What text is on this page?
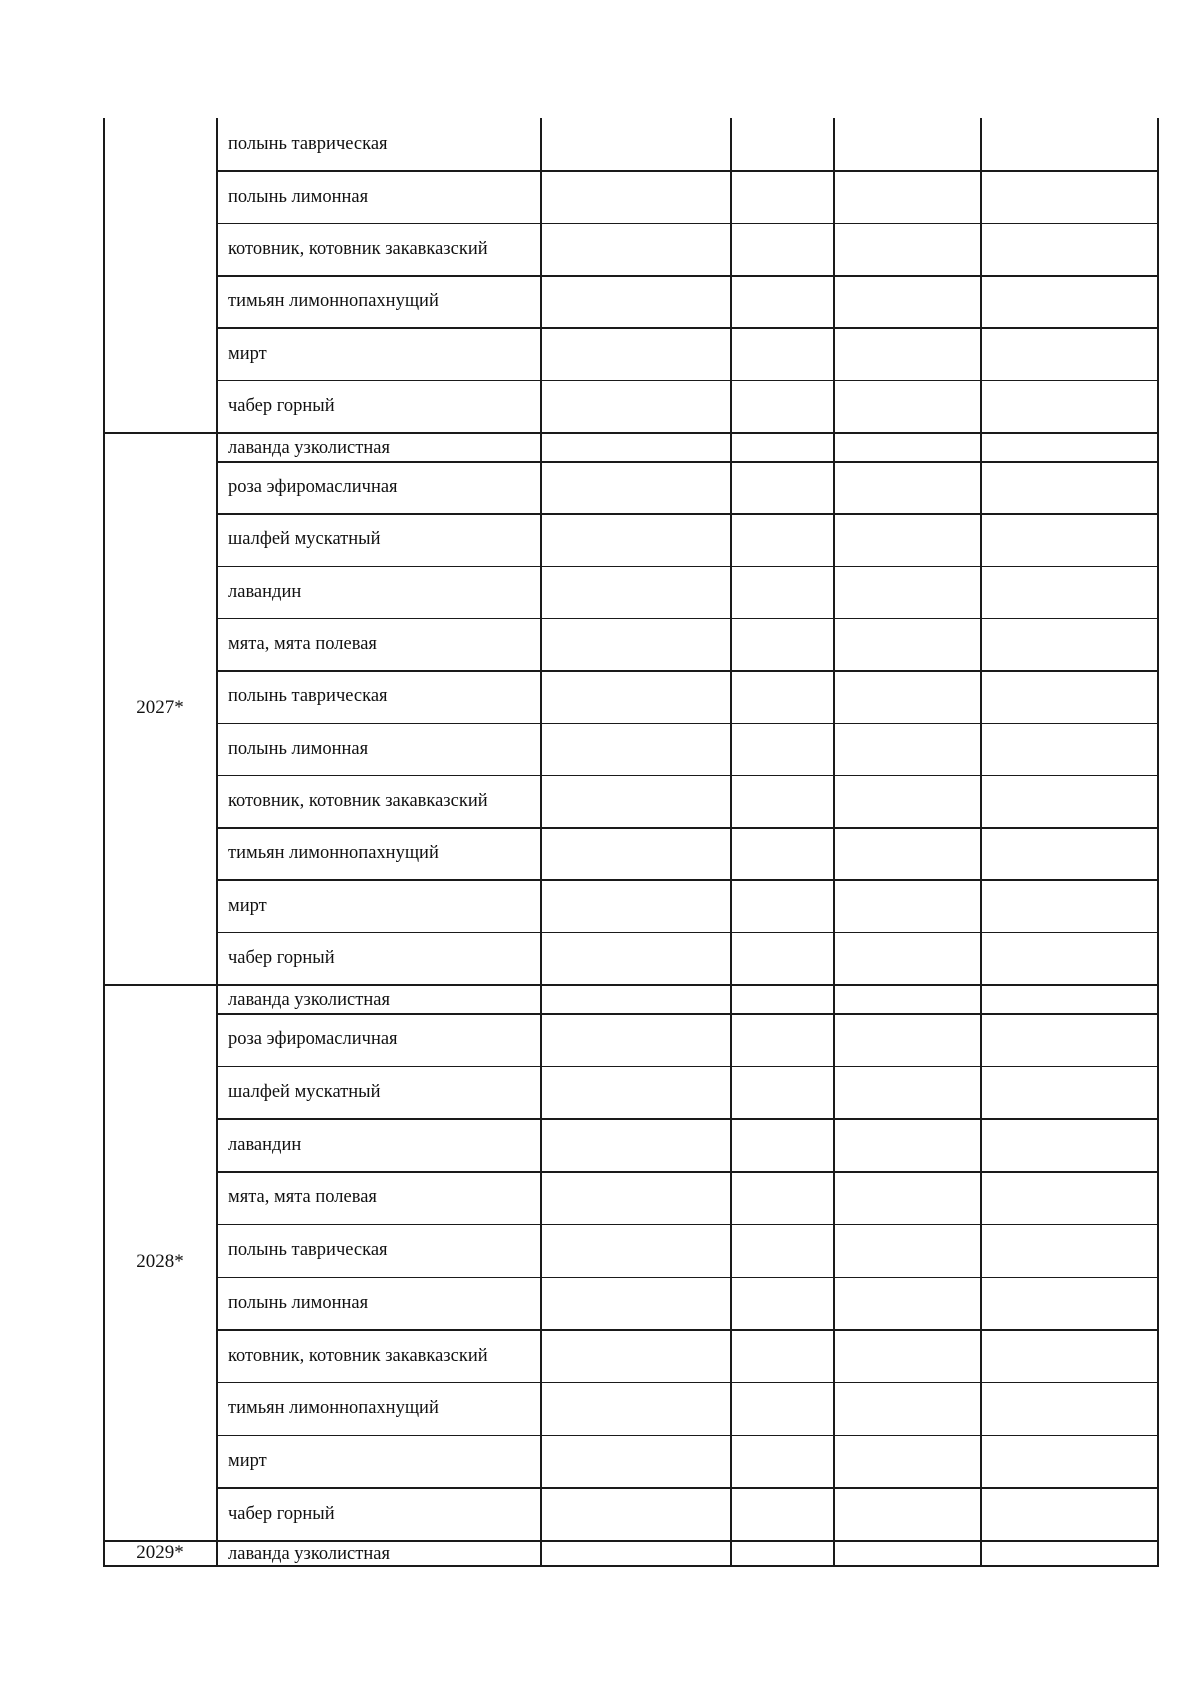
2027*
2028*
2029*
полынь таврическая
полынь лимонная
котовник, котовник закавказский
тимьян лимоннопахнущий
мирт
чабер горный
лаванда узколистная
роза эфиромасличная
шалфей мускатный
лавандин
мята, мята полевая
полынь таврическая
полынь лимонная
котовник, котовник закавказский
тимьян лимоннопахнущий
мирт
чабер горный
лаванда узколистная
роза эфиромасличная
шалфей мускатный
лавандин
мята, мята полевая
полынь таврическая
полынь лимонная
котовник, котовник закавказский
тимьян лимоннопахнущий
мирт
чабер горный
лаванда узколистная
